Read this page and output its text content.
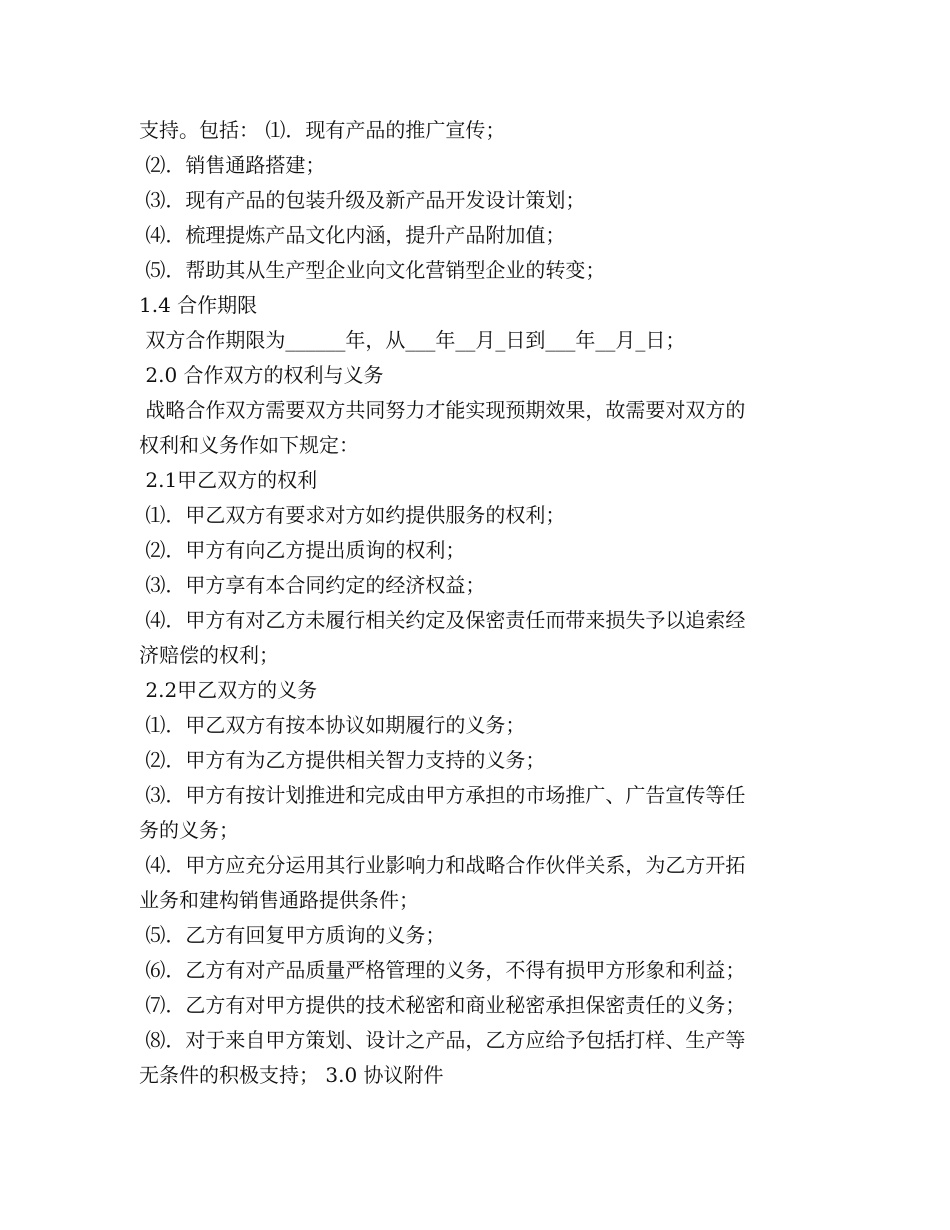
支持。包括： ⑴．现有产品的推广宣传；

⑵．销售通路搭建；

⑶．现有产品的包装升级及新产品开发设计策划；

⑷．梳理提炼产品文化内涵，提升产品附加值；

⑸．帮助其从生产型企业向文化营销型企业的转变；

1.4 合作期限

双方合作期限为______年，从___年__月_日到___年__月_日；

2.0 合作双方的权利与义务

战略合作双方需要双方共同努力才能实现预期效果，故需要对双方的

权利和义务作如下规定：

2.1甲乙双方的权利

⑴．甲乙双方有要求对方如约提供服务的权利；

⑵．甲方有向乙方提出质询的权利；

⑶．甲方享有本合同约定的经济权益；

⑷．甲方有对乙方未履行相关约定及保密责任而带来损失予以追索经

济赔偿的权利；

2.2甲乙双方的义务

⑴．甲乙双方有按本协议如期履行的义务；

⑵．甲方有为乙方提供相关智力支持的义务；

⑶．甲方有按计划推进和完成由甲方承担的市场推广、广告宣传等任

务的义务；

⑷．甲方应充分运用其行业影响力和战略合作伙伴关系，为乙方开拓

业务和建构销售通路提供条件；

⑸．乙方有回复甲方质询的义务；

⑹．乙方有对产品质量严格管理的义务，不得有损甲方形象和利益；

⑺．乙方有对甲方提供的技术秘密和商业秘密承担保密责任的义务；

⑻．对于来自甲方策划、设计之产品，乙方应给予包括打样、生产等

无条件的积极支持； 3.0 协议附件
